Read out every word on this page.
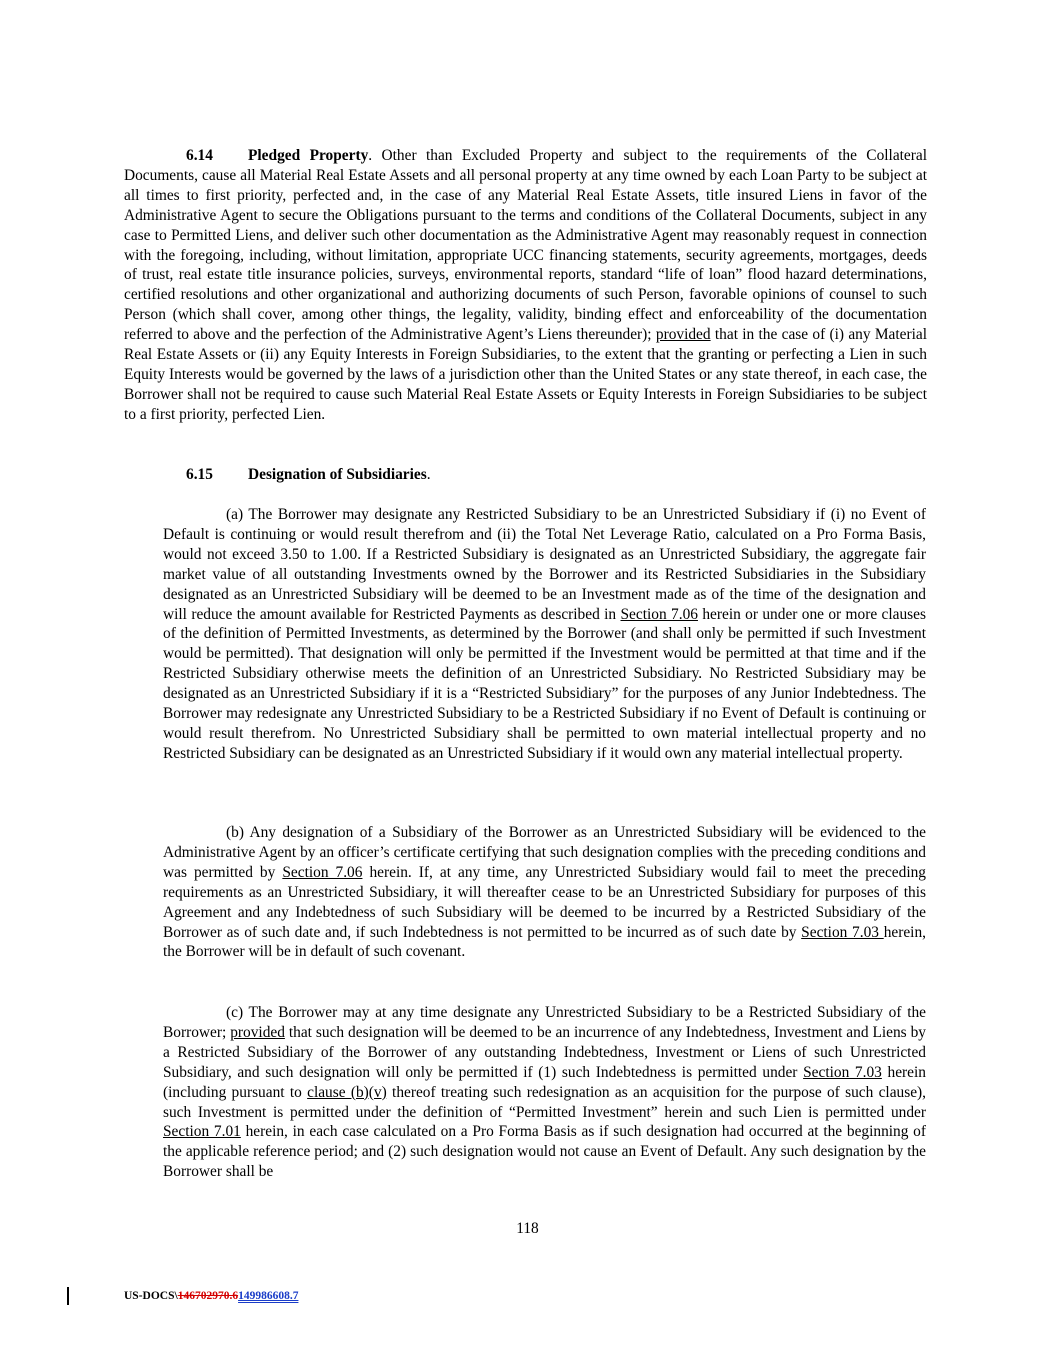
6.14 Pledged Property. Other than Excluded Property and subject to the requirements of the Collateral Documents, cause all Material Real Estate Assets and all personal property at any time owned by each Loan Party to be subject at all times to first priority, perfected and, in the case of any Material Real Estate Assets, title insured Liens in favor of the Administrative Agent to secure the Obligations pursuant to the terms and conditions of the Collateral Documents, subject in any case to Permitted Liens, and deliver such other documentation as the Administrative Agent may reasonably request in connection with the foregoing, including, without limitation, appropriate UCC financing statements, security agreements, mortgages, deeds of trust, real estate title insurance policies, surveys, environmental reports, standard “life of loan” flood hazard determinations, certified resolutions and other organizational and authorizing documents of such Person, favorable opinions of counsel to such Person (which shall cover, among other things, the legality, validity, binding effect and enforceability of the documentation referred to above and the perfection of the Administrative Agent’s Liens thereunder); provided that in the case of (i) any Material Real Estate Assets or (ii) any Equity Interests in Foreign Subsidiaries, to the extent that the granting or perfecting a Lien in such Equity Interests would be governed by the laws of a jurisdiction other than the United States or any state thereof, in each case, the Borrower shall not be required to cause such Material Real Estate Assets or Equity Interests in Foreign Subsidiaries to be subject to a first priority, perfected Lien.

6.15 Designation of Subsidiaries.

(a) The Borrower may designate any Restricted Subsidiary to be an Unrestricted Subsidiary if (i) no Event of Default is continuing or would result therefrom and (ii) the Total Net Leverage Ratio, calculated on a Pro Forma Basis, would not exceed 3.50 to 1.00. If a Restricted Subsidiary is designated as an Unrestricted Subsidiary, the aggregate fair market value of all outstanding Investments owned by the Borrower and its Restricted Subsidiaries in the Subsidiary designated as an Unrestricted Subsidiary will be deemed to be an Investment made as of the time of the designation and will reduce the amount available for Restricted Payments as described in Section 7.06 herein or under one or more clauses of the definition of Permitted Investments, as determined by the Borrower (and shall only be permitted if such Investment would be permitted). That designation will only be permitted if the Investment would be permitted at that time and if the Restricted Subsidiary otherwise meets the definition of an Unrestricted Subsidiary. No Restricted Subsidiary may be designated as an Unrestricted Subsidiary if it is a “Restricted Subsidiary” for the purposes of any Junior Indebtedness. The Borrower may redesignate any Unrestricted Subsidiary to be a Restricted Subsidiary if no Event of Default is continuing or would result therefrom. No Unrestricted Subsidiary shall be permitted to own material intellectual property and no Restricted Subsidiary can be designated as an Unrestricted Subsidiary if it would own any material intellectual property.

(b) Any designation of a Subsidiary of the Borrower as an Unrestricted Subsidiary will be evidenced to the Administrative Agent by an officer’s certificate certifying that such designation complies with the preceding conditions and was permitted by Section 7.06 herein. If, at any time, any Unrestricted Subsidiary would fail to meet the preceding requirements as an Unrestricted Subsidiary, it will thereafter cease to be an Unrestricted Subsidiary for purposes of this Agreement and any Indebtedness of such Subsidiary will be deemed to be incurred by a Restricted Subsidiary of the Borrower as of such date and, if such Indebtedness is not permitted to be incurred as of such date by Section 7.03 herein, the Borrower will be in default of such covenant.

(c) The Borrower may at any time designate any Unrestricted Subsidiary to be a Restricted Subsidiary of the Borrower; provided that such designation will be deemed to be an incurrence of any Indebtedness, Investment and Liens by a Restricted Subsidiary of the Borrower of any outstanding Indebtedness, Investment or Liens of such Unrestricted Subsidiary, and such designation will only be permitted if (1) such Indebtedness is permitted under Section 7.03 herein (including pursuant to clause (b)(v) thereof treating such redesignation as an acquisition for the purpose of such clause), such Investment is permitted under the definition of “Permitted Investment” herein and such Lien is permitted under Section 7.01 herein, in each case calculated on a Pro Forma Basis as if such designation had occurred at the beginning of the applicable reference period; and (2) such designation would not cause an Event of Default. Any such designation by the Borrower shall be

118
US-DOCS\146702970.6149986608.7
